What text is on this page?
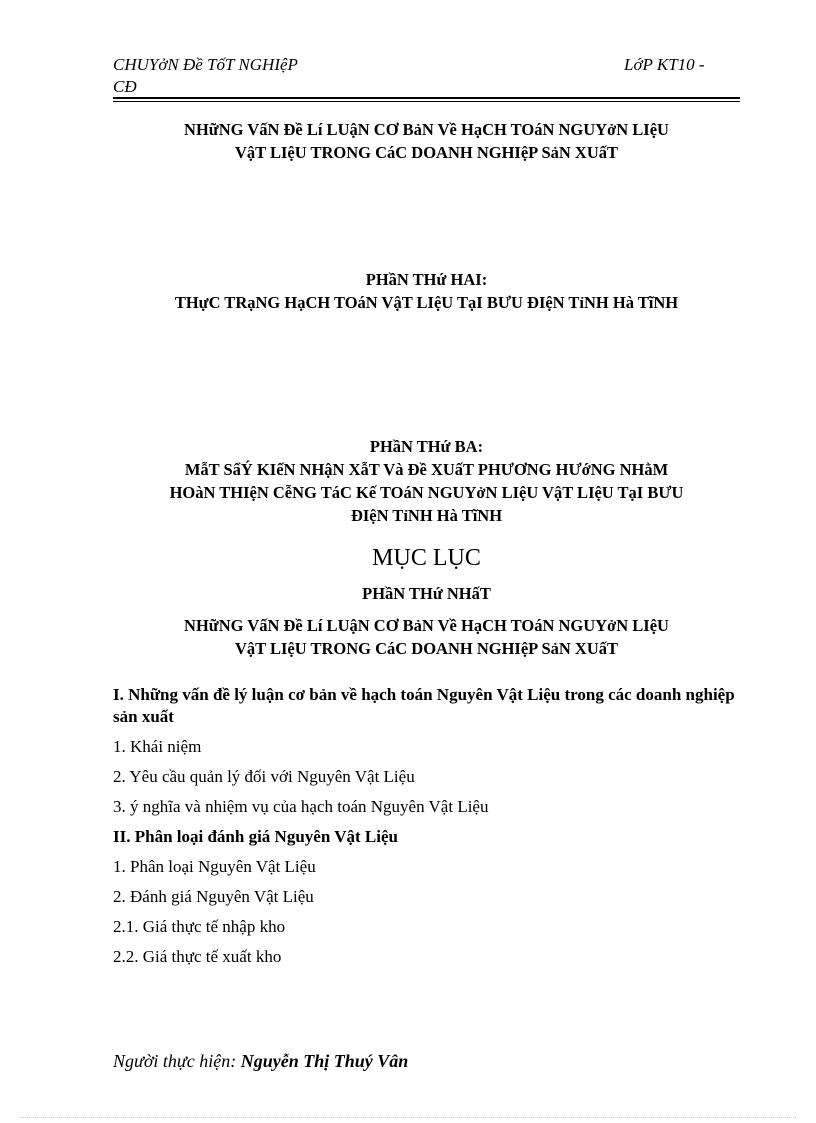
CHUYởN Đề TốT NGHIệP
CĐ
LớP KT10 -
NHữNG VấN Đề Lí LUậN CƠ BảN Về HạCH TOáN NGUYởN LIệU
VậT LIệU TRONG CáC DOANH NGHIệP SảN XUấT
PHầN THứ HAI:
THựC TRạNG HạCH TOáN VậT LIệU TạI BƯU ĐIệN TỉNH Hà TĩNH
PHầN THứ BA:
MẫT SẩÝ KIếN NHậN XẫT Và Đề XUấT PHƯƠNG HƯớNG NHằM
HOàN THIệN CễNG TáC Kế TOáN NGUYởN LIệU VậT LIệU TạI BƯU
ĐIệN TỉNH Hà TĩNH
MỤC LỤC
PHầN THứ NHấT
NHữNG VấN Đề Lí LUậN CƠ BảN Về HạCH TOáN NGUYởN LIệU
VậT LIệU TRONG CáC DOANH NGHIệP SảN XUấT
I. Những vấn đề lý luận cơ bản về hạch toán Nguyên Vật Liệu trong các doanh nghiệp sản xuất
1. Khái niệm
2. Yêu cầu quản lý đối với Nguyên Vật Liệu
3. ý nghĩa và nhiệm vụ của hạch toán Nguyên Vật Liệu
II. Phân loại đánh giá Nguyên Vật Liệu
1. Phân loại Nguyên Vật Liệu
2. Đánh giá Nguyên Vật Liệu
2.1. Giá thực tế nhập kho
2.2. Giá thực tế xuất kho
Người thực hiện: Nguyễn Thị Thuý Vân
